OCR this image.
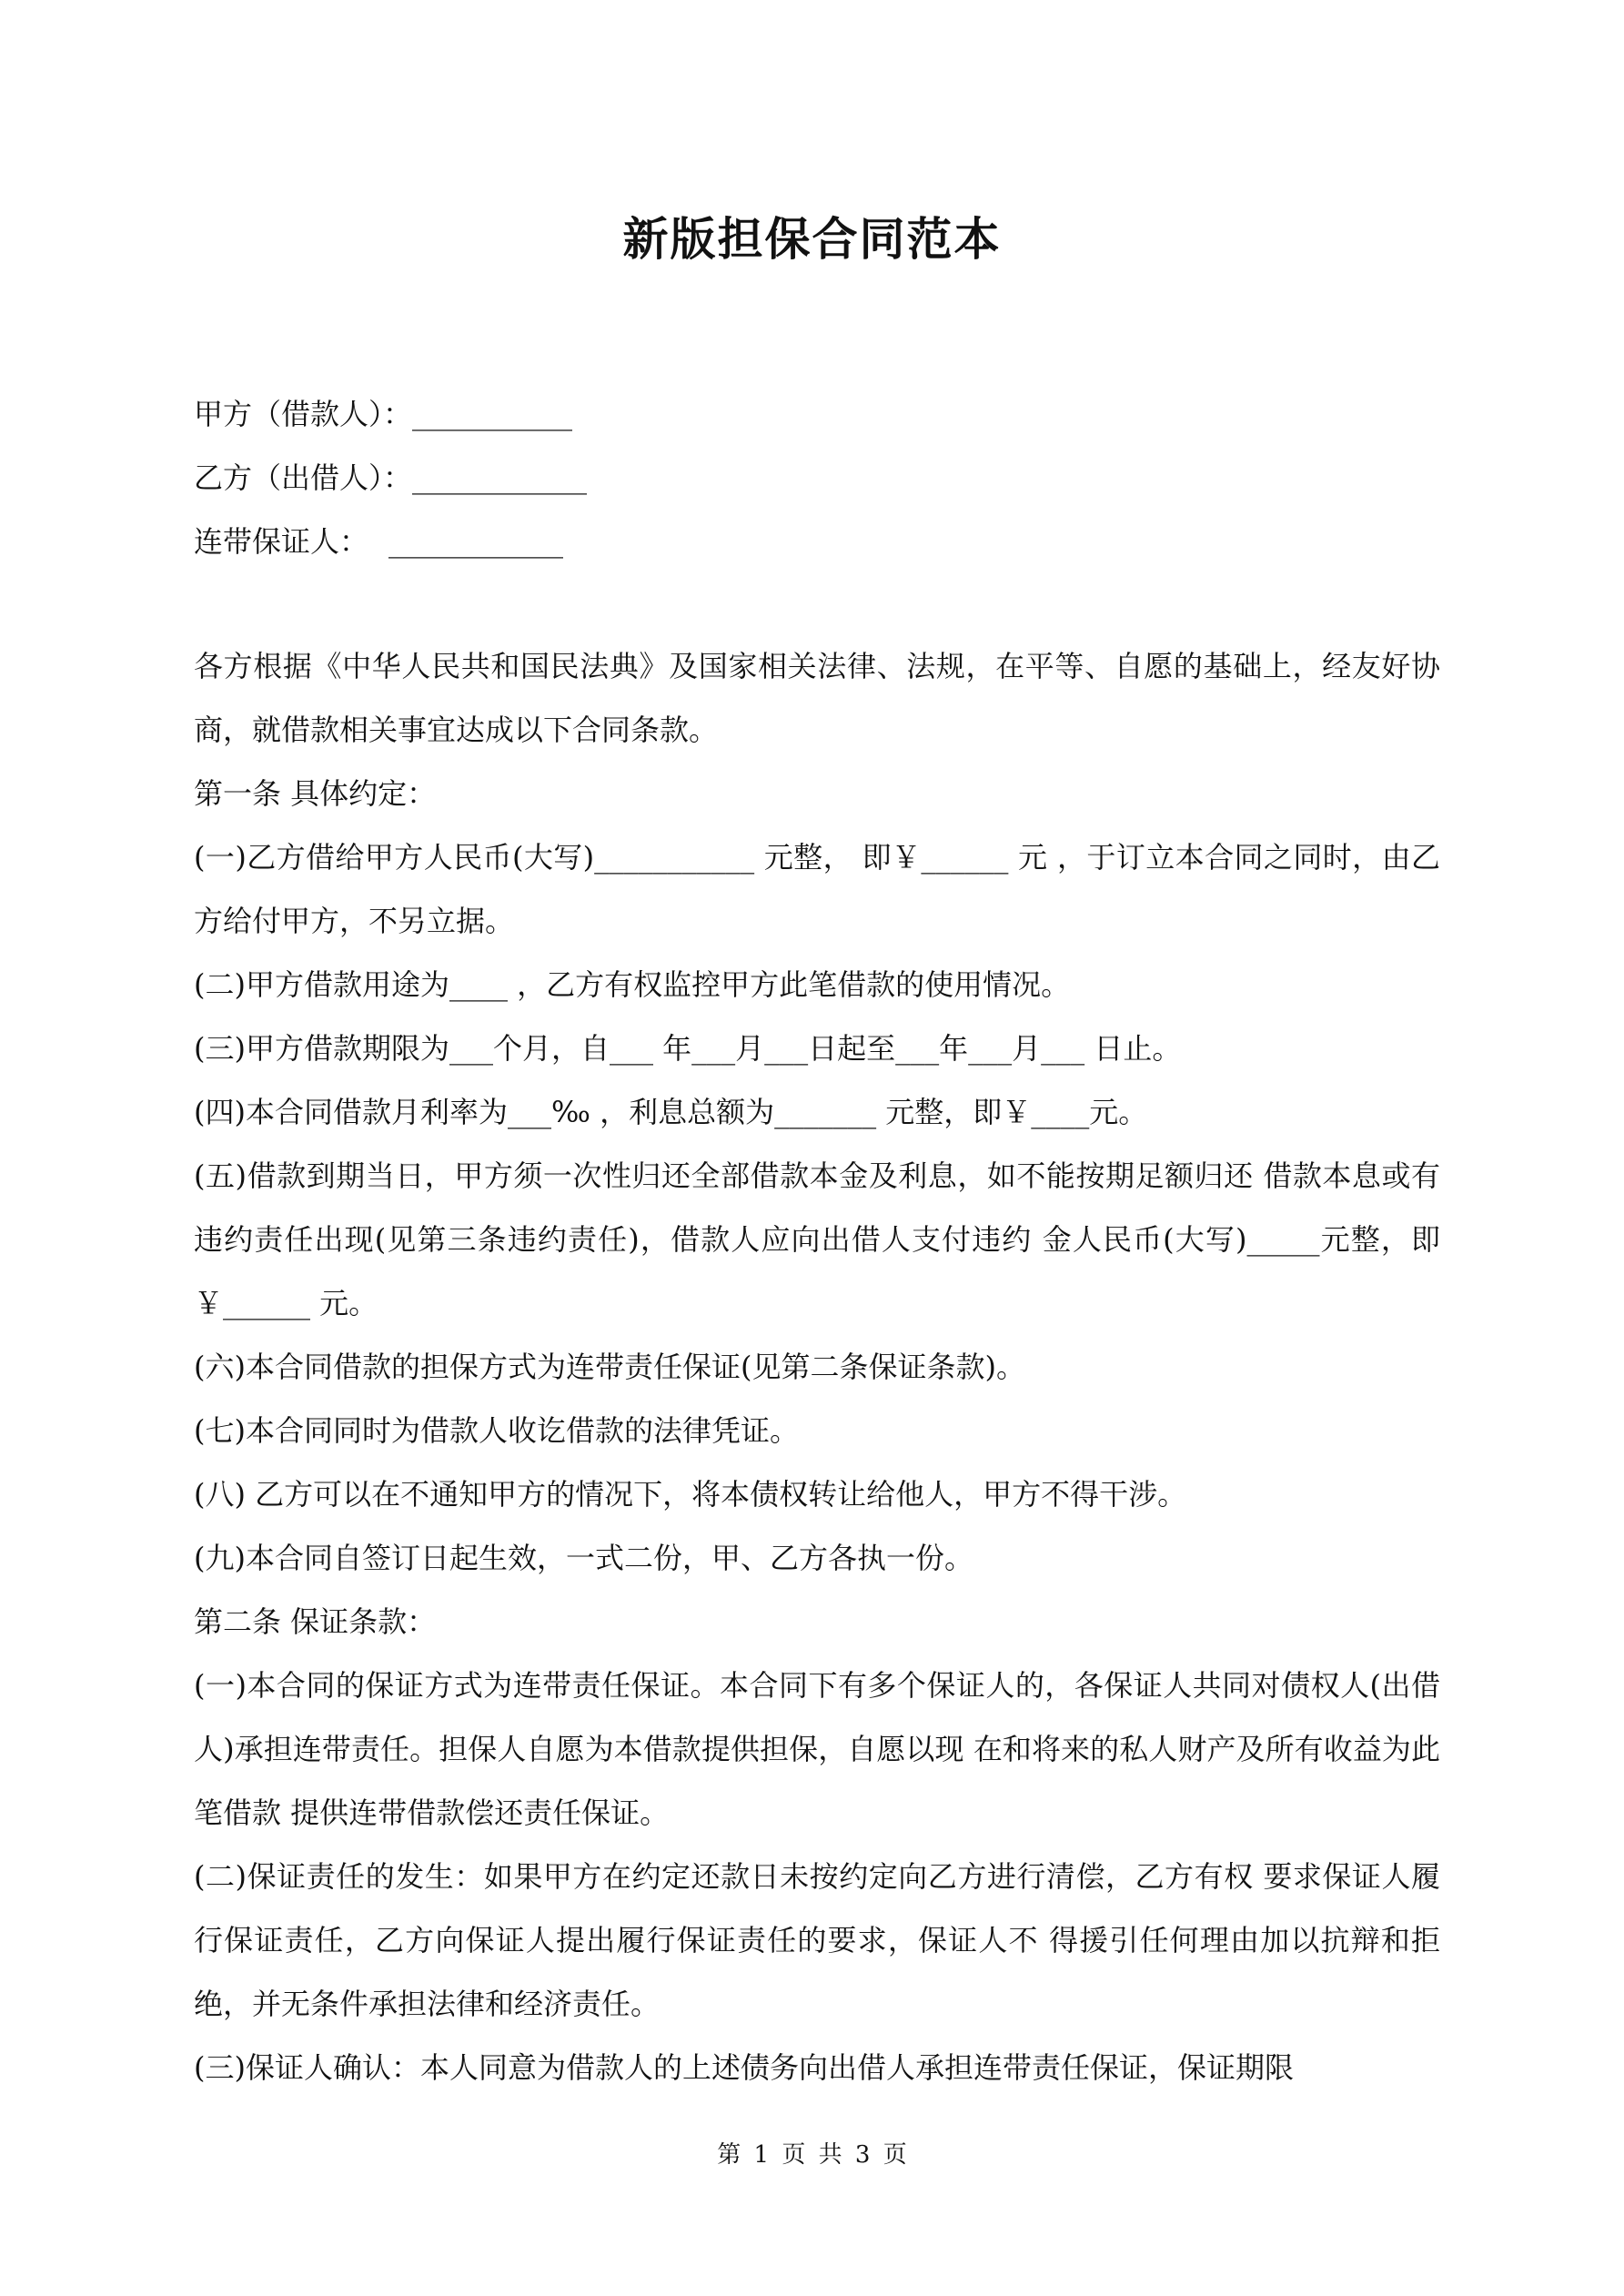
新版担保合同范本
甲方（借款人）：___________
乙方（出借人）：____________
连带保证人： ____________

各方根据《中华人民共和国民法典》及国家相关法律、法规，在平等、自愿的基础上，经友好协商，就借款相关事宜达成以下合同条款。

第一条 具体约定：

(一)乙方借给甲方人民币(大写)___________ 元整， 即￥______ 元 ，于订立本合同之同时，由乙方给付甲方，不另立据。

(二)甲方借款用途为____ ，乙方有权监控甲方此笔借款的使用情况。

(三)甲方借款期限为___个月，自___ 年___月___日起至___年___月___ 日止。

(四)本合同借款月利率为___‰ ，利息总额为_______ 元整，即￥____元。

(五)借款到期当日，甲方须一次性归还全部借款本金及利息，如不能按期足额归还 借款本息或有违约责任出现(见第三条违约责任)，借款人应向出借人支付违约 金人民币(大写)_____元整，即￥______ 元。

(六)本合同借款的担保方式为连带责任保证(见第二条保证条款)。

(七)本合同同时为借款人收讫借款的法律凭证。

(八) 乙方可以在不通知甲方的情况下，将本债权转让给他人，甲方不得干涉。

(九)本合同自签订日起生效，一式二份，甲、乙方各执一份。

第二条 保证条款：

(一)本合同的保证方式为连带责任保证。本合同下有多个保证人的，各保证人共同对债权人(出借人)承担连带责任。担保人自愿为本借款提供担保，自愿以现 在和将来的私人财产及所有收益为此笔借款 提供连带借款偿还责任保证。

(二)保证责任的发生：如果甲方在约定还款日未按约定向乙方进行清偿，乙方有权 要求保证人履行保证责任，乙方向保证人提出履行保证责任的要求，保证人不 得援引任何理由加以抗辩和拒绝，并无条件承担法律和经济责任。

(三)保证人确认：本人同意为借款人的上述债务向出借人承担连带责任保证，保证期限

第 1 页 共 3 页
